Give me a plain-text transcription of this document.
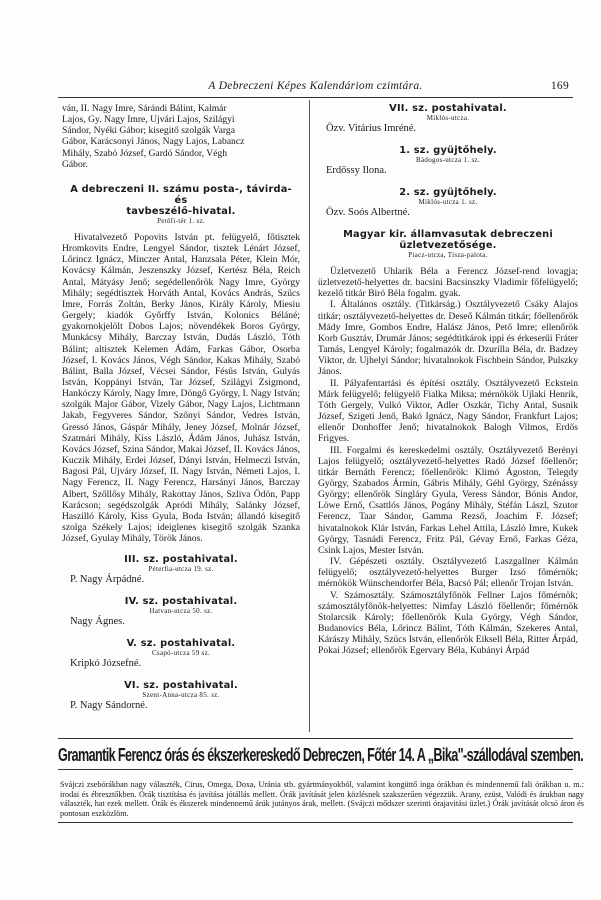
A Debreczeni Képes Kalendáriom czimtára.	169

ván, II. Nagy Imre, Sárándi Bálint, Kalmár

Lajos, Gy. Nagy Imre, Ujvári Lajos, Szilágyi

Sándor, Nyéki Gábor; kisegitő szolgák Varga

Gábor, Karácsonyi János, Nagy Lajos, Labancz

Mihály, Szabó József, Gardó Sándor, Végh

Gábor.

A debreczeni II. számu posta-, távirda- és

tavbeszélő-hivatal.

Petőfi-tér 1. sz.

Hivatalvezető Popovits István pt. felügyelő, főtisztek Hromkovits Endre, Lengyel Sándor, tisztek Lénárt József, Lőrincz Ignácz, Minczer Antal, Hanzsala Péter, Klein Mór, Kovácsy Kálmán, Jeszenszky József, Kertész Béla, Reich Antal, Mátyásy Jenő; segédellenőrök Nagy Imre, György Mihály; segédtisztek Horváth Antal, Kovács András, Szűcs Imre, Forrás Zoltán, Berky János, Király Károly, Miesiu Gergely; kiadók Győrffy István, Kolonics Béláné; gyakornokjelölt Dobos Lajos; növendékek Boros György, Munkácsy Mihály, Barczay István, Dudás László, Tóth Bálint; altisztek Kelemen Ádám, Farkas Gábor, Osorba József, I. Kovács János, Végh Sándor, Kakas Mihály, Szabó Bálint, Balla József, Vécsei Sándor, Fésűs István, Gulyás István, Koppányi István, Tar József, Szilágyi Zsigmond, Hankóczy Károly, Nagy Imre, Döngő György, I. Nagy István; szolgák Major Gábor, Vizely Gábor, Nagy Lajos, Lichtmann Jakab, Fegyveres Sándor, Szőnyi Sándor, Vedres István, Gressó János, Gáspár Mihály, Jeney József, Molnár József, Szatmári Mihály, Kiss László, Ádám János, Juhász István, Kovács József, Szina Sándor, Makai József, II. Kovács János, Kuczik Mihály, Erdei József, Dányi István, Helmeczi István, Bagosi Pál, Ujváry József, II. Nagy István, Németi Lajos, I. Nagy Ferencz, II. Nagy Ferencz, Harsányi János, Barczay Albert, Szőllősy Mihály, Rakottay János, Szliva Ödön, Papp Karácson; segédszolgák Apródi Mihály, Salánky József, Haszilló Károly, Kiss Gyula, Boda István; állandó kisegitő szolga Székely Lajos; ideiglenes kisegitő szolgák Szanka József, Gyulay Mihály, Török János.

III. sz. postahivatal.

Péterfia-utcza 19. sz.

P. Nagy Árpádné.

IV. sz. postahivatal.

Hatvan-utcza 50. sz.

Nagy Ágnes.

V. sz. postahivatal.

Csapó-utcza 59 sz.

Kripkó Józsefné.

VI. sz. postahivatal.

Szent-Anna-utcza 85. sz.

P. Nagy Sándorné.

VII. sz. postahivatal.

Miklós-utcza.

Özv. Vitárius Imréné.

1. sz. gyüjtőhely.

Bádogos-utcza 1. sz.

Erdőssy Ilona.

2. sz. gyüjtőhely.

Miklós-utcza 1. sz.

Özv. Soós Albertné.

Magyar kir. államvasutak debreczeni

üzletvezetősége.

Piacz-utcza, Tisza-palota.

Üzletvezető Uhlarik Béla a Ferencz József-rend lovagja; üzletvezető-helyettes dr. bacsini Bacsinszky Vladimir főfelügyelő; kezelő titkár Biró Béla fogalm. gyak.

I. Általános osztály. (Titkárság.) Osztályvezető Csáky Alajos titkár; osztályvezető-helyettes dr. Deseő Kálmán titkár; főellenőrök Mády Imre, Gombos Endre, Halász János, Pető Imre; ellenőrök Korb Gusztáv, Drumár János; segédtitkárok ippi és érkeserűi Fráter Tamás, Lengyel Károly; fogalmazók dr. Dzurilla Béla, dr. Badzey Viktor, dr. Ujhelyi Sándor; hivatalnokok Fischbein Sándor, Pulszky János.

II. Pályafentartási és építési osztály. Osztályvezető Eckstein Márk felügyelő; felügyelő Fialka Miksa; mérnökök Ujlaki Henrik, Tóth Gergely, Vulkó Viktor, Adler Oszkár, Tichy Antal, Susnik József, Szigeti Jenő, Bakó Ignácz, Nagy Sándor, Frankfurt Lajos; ellenőr Donhoffer Jenő; hivatalnokok Balogh Vilmos, Erdős Frigyes.

III. Forgalmi és kereskedelmi osztály. Osztályvezető Berényi Lajos felügyelő; osztályvezető-helyettes Radó József főellenőr; titkár Bernáth Ferencz; főellenőrök: Klimó Ágoston, Telegdy György, Szabados Ármin, Gábris Mihály, Géhl György, Szénássy György; ellenőrök Singláry Gyula, Veress Sándor, Bónis Andor, Löwe Ernő, Csattlós János, Pogány Mihály, Stéfán Lászl, Szutor Ferencz, Taar Sándor, Gamma Rezső, Joachim F. József; hivatalnokok Klár István, Farkas Lehel Attila, László Imre, Kukek György, Tasnádi Ferencz, Fritz Pál, Gévay Ernő, Farkas Géza, Csink Lajos, Mester István.

IV. Gépészeti osztály. Osztályvezető Laszgallner Kálmán felügyelő; osztályvezető-helyettes Burger Izsó főmérnök; mérnökök Wünschendorfer Béla, Bacsó Pál; ellenőr Trojan István.

V. Számosztály. Számosztályfőnök Fellner Lajos főmérnök; számosztályfőnök-helyettes: Nimfay László főellenőr; főmérnök Stolarcsik Károly; főellenőrök Kula György, Végh Sándor, Budanovics Béla, Lőrincz Bálint, Tóth Kálmán, Szekeres Antal, Kárászy Mihály, Szücs István, ellenőrök Eiksell Béla, Ritter Árpád, Pokai József; ellenőrök Egervary Béla, Kubányi Árpád

Gramantik Ferencz órás és ékszerkereskedő Debreczen, Főtér 14. A „Bika"-szállodával szemben.

Svájczi zsebórákban nagy választék, Cirus, Omega, Doxa, Uránia stb. gyártmányokból, valamint kongüttő inga órákban és mindennemű fali órákban u. m.: irodai és ébresztőkben. Órák tisztítása és javítása jótállás mellett. Órák javítását jelen közlésnek szakszerűen végezzük. Arany, ezüst, Valódi és árukban nagy választék, hat ezek mellett. Órák és ékszerek mindennemű árúk jutányos árak, mellett. (Svájczi mődszer szerinti órajavitási üzlet.) Órák javítását olcsó áron és pontosan eszközlöm.
